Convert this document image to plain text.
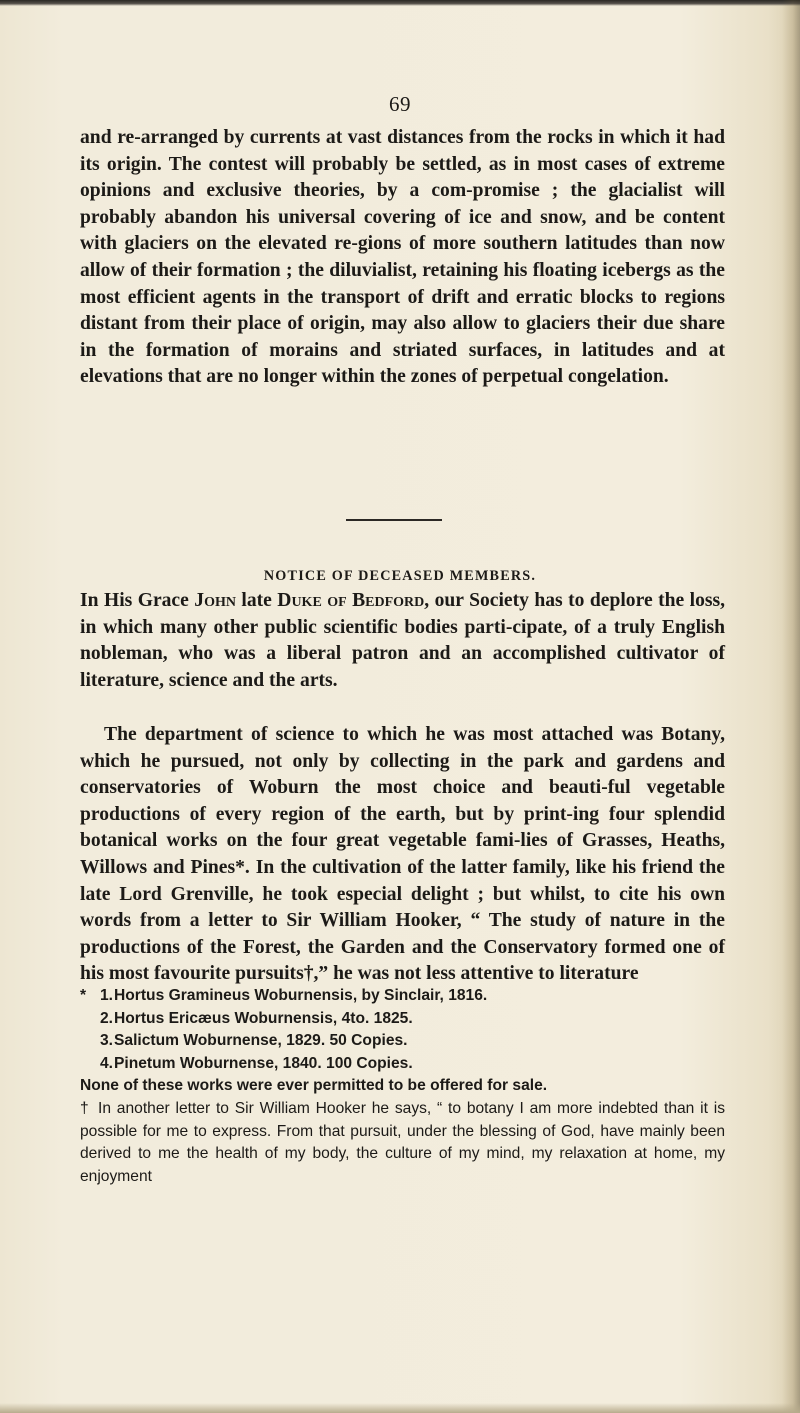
69

and re-arranged by currents at vast distances from the rocks in which it had its origin. The contest will probably be settled, as in most cases of extreme opinions and exclusive theories, by a com-promise ; the glacialist will probably abandon his universal covering of ice and snow, and be content with glaciers on the elevated re-gions of more southern latitudes than now allow of their formation ; the diluvialist, retaining his floating icebergs as the most efficient agents in the transport of drift and erratic blocks to regions distant from their place of origin, may also allow to glaciers their due share in the formation of morains and striated surfaces, in latitudes and at elevations that are no longer within the zones of perpetual congelation.

NOTICE OF DECEASED MEMBERS.

In His Grace John late Duke of Bedford, our Society has to deplore the loss, in which many other public scientific bodies parti-cipate, of a truly English nobleman, who was a liberal patron and an accomplished cultivator of literature, science and the arts.

The department of science to which he was most attached was Botany, which he pursued, not only by collecting in the park and gardens and conservatories of Woburn the most choice and beauti-ful vegetable productions of every region of the earth, but by print-ing four splendid botanical works on the four great vegetable fami-lies of Grasses, Heaths, Willows and Pines*. In the cultivation of the latter family, like his friend the late Lord Grenville, he took especial delight ; but whilst, to cite his own words from a letter to Sir William Hooker, “ The study of nature in the productions of the Forest, the Garden and the Conservatory formed one of his most favourite pursuits†,” he was not less attentive to literature

* 1. Hortus Gramineus Woburnensis, by Sinclair, 1816.
2. Hortus Ericæus Woburnensis, 4to. 1825.
3. Salictum Woburnense, 1829. 50 Copies.
4. Pinetum Woburnense, 1840. 100 Copies.

None of these works were ever permitted to be offered for sale.

† In another letter to Sir William Hooker he says, “ to botany I am more indebted than it is possible for me to express. From that pursuit, under the blessing of God, have mainly been derived to me the health of my body, the culture of my mind, my relaxation at home, my enjoyment
